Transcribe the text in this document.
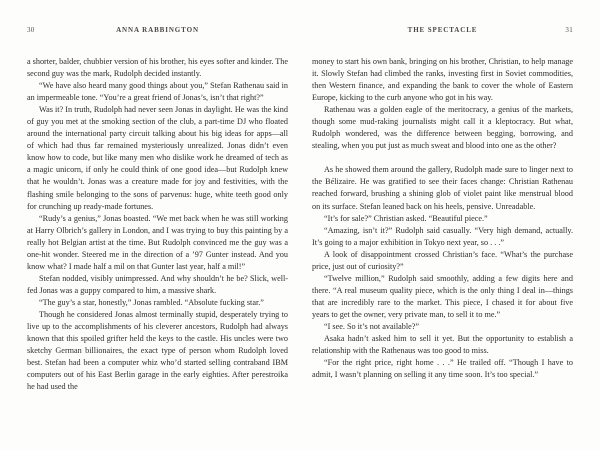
30	ANNA RABBINGTON

a shorter, balder, chubbier version of his brother, his eyes softer and kinder. The second guy was the mark, Rudolph decided instantly.

“We have also heard many good things about you,” Stefan Rathenau said in an impermeable tone. “You’re a great friend of Jonas’s, isn’t that right?”

Was it? In truth, Rudolph had never seen Jonas in daylight. He was the kind of guy you met at the smoking section of the club, a part-time DJ who floated around the international party circuit talking about his big ideas for apps—all of which had thus far remained mysteriously unrealized. Jonas didn’t even know how to code, but like many men who dislike work he dreamed of tech as a magic unicorn, if only he could think of one good idea—but Rudolph knew that he wouldn’t. Jonas was a creature made for joy and festivities, with the flashing smile belonging to the sons of parvenus: huge, white teeth good only for crunching up ready-made fortunes.

“Rudy’s a genius,” Jonas boasted. “We met back when he was still working at Harry Olbrich’s gallery in London, and I was trying to buy this painting by a really hot Belgian artist at the time. But Rudolph convinced me the guy was a one-hit wonder. Steered me in the direction of a ’97 Gunter instead. And you know what? I made half a mil on that Gunter last year, half a mil!”

Stefan nodded, visibly unimpressed. And why shouldn’t he be? Slick, well-fed Jonas was a guppy compared to him, a massive shark.

“The guy’s a star, honestly,” Jonas rambled. “Absolute fucking star.”

Though he considered Jonas almost terminally stupid, desperately trying to live up to the accomplishments of his cleverer ancestors, Rudolph had always known that this spoiled grifter held the keys to the castle. His uncles were two sketchy German billionaires, the exact type of person whom Rudolph loved best. Stefan had been a computer whiz who’d started selling contraband IBM computers out of his East Berlin garage in the early eighties. After perestroika he had used the

THE SPECTACLE	31

money to start his own bank, bringing on his brother, Christian, to help manage it. Slowly Stefan had climbed the ranks, investing first in Soviet commodities, then Western finance, and expanding the bank to cover the whole of Eastern Europe, kicking to the curb anyone who got in his way.

Rathenau was a golden eagle of the meritocracy, a genius of the markets, though some mud-raking journalists might call it a kleptocracy. But what, Rudolph wondered, was the difference between begging, borrowing, and stealing, when you put just as much sweat and blood into one as the other?

As he showed them around the gallery, Rudolph made sure to linger next to the Bélizaire. He was gratified to see their faces change: Christian Rathenau reached forward, brushing a shining glob of violet paint like menstrual blood on its surface. Stefan leaned back on his heels, pensive. Unreadable.

“It’s for sale?” Christian asked. “Beautiful piece.”

“Amazing, isn’t it?” Rudolph said casually. “Very high demand, actually. It’s going to a major exhibition in Tokyo next year, so . . .”

A look of disappointment crossed Christian’s face. “What’s the purchase price, just out of curiosity?”

“Twelve million,” Rudolph said smoothly, adding a few digits here and there. “A real museum quality piece, which is the only thing I deal in—things that are incredibly rare to the market. This piece, I chased it for about five years to get the owner, very private man, to sell it to me.”

“I see. So it’s not available?”

Asaka hadn’t asked him to sell it yet. But the opportunity to establish a relationship with the Rathenaus was too good to miss.

“For the right price, right home . . .” He trailed off. “Though I have to admit, I wasn’t planning on selling it any time soon. It’s too special.”
